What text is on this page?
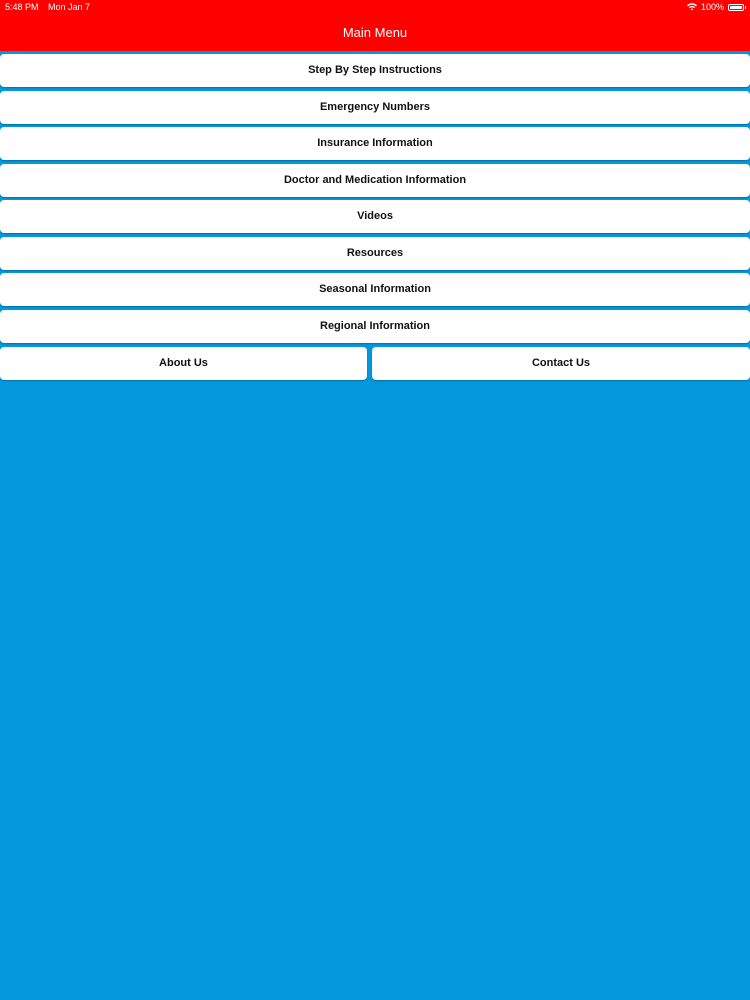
5:48 PM Mon Jan 7	100%
Main Menu
Step By Step Instructions
Emergency Numbers
Insurance Information
Doctor and Medication Information
Videos
Resources
Seasonal Information
Regional Information
About Us	Contact Us
